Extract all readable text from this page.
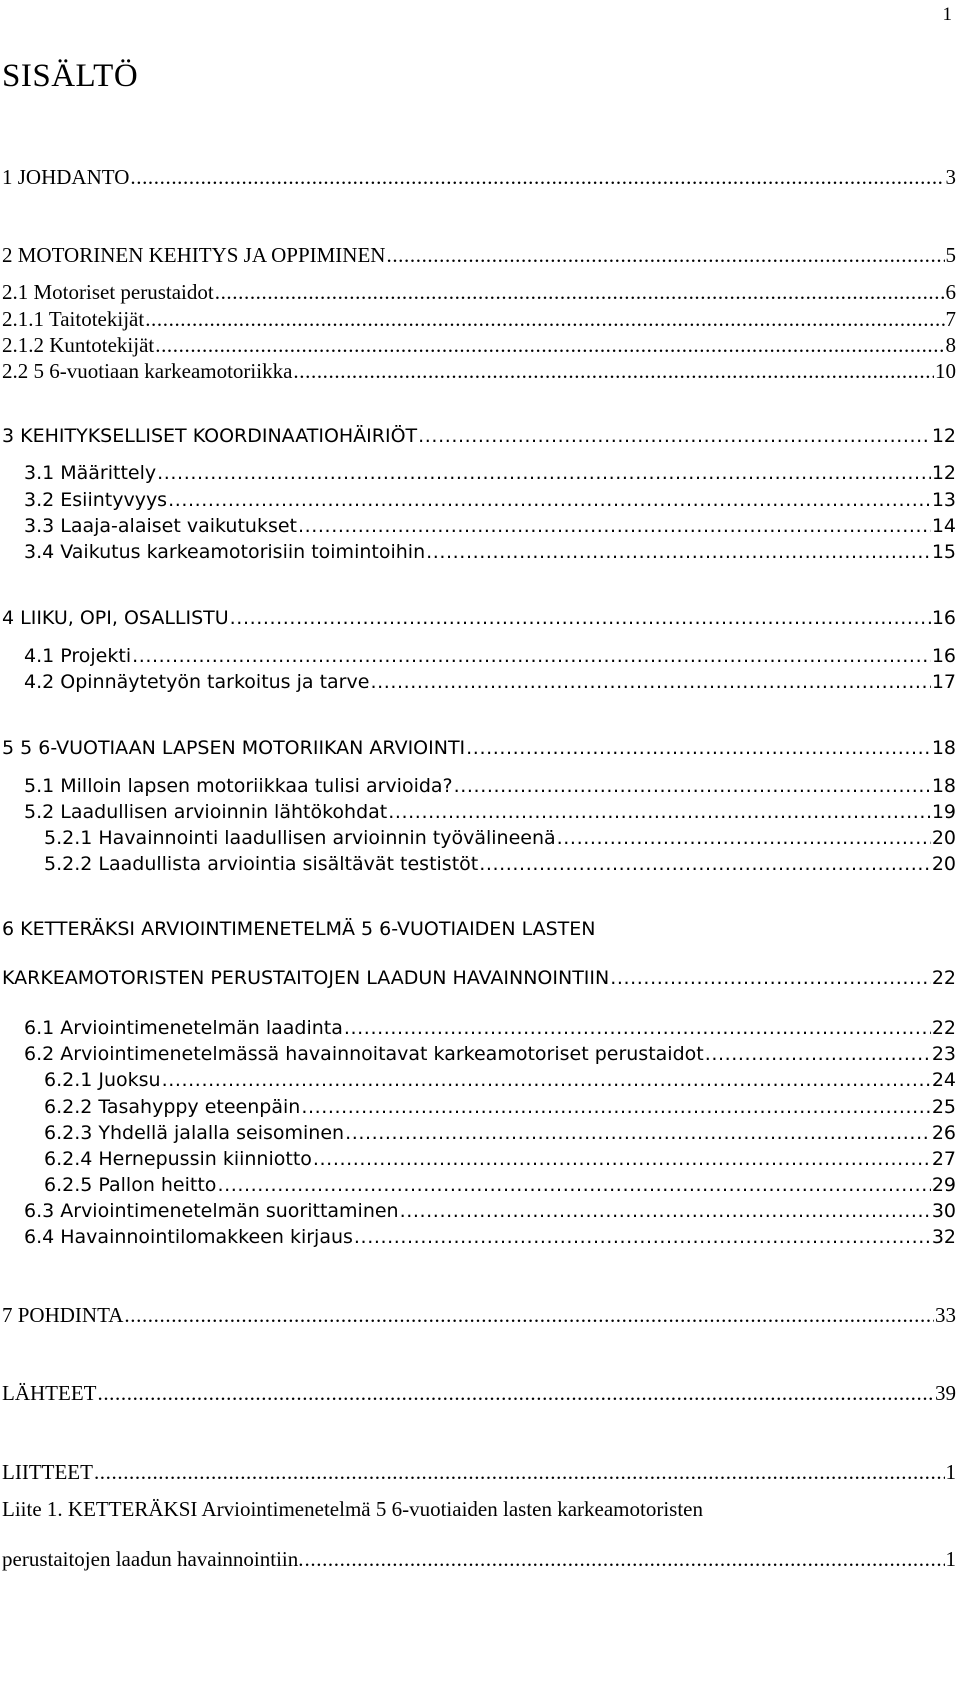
1
SISÄLTÖ
1 JOHDANTO .....	3
2 MOTORINEN KEHITYS JA OPPIMINEN .....	5
2.1 Motoriset perustaidot .....	6
2.1.1 Taitotekijät .....	7
2.1.2 Kuntotekijät .....	8
2.2 5 6-vuotiaan karkeamotoriikka .....	10
3 KEHITYKSELLISET KOORDINAATIOHÄIRIÖT .....	12
3.1 Määrittely .....	12
3.2 Esiintyvyys .....	13
3.3 Laaja-alaiset vaikutukset .....	14
3.4 Vaikutus karkeamotorisiin toimintoihin .....	15
4 LIIKU, OPI, OSALLISTU .....	16
4.1 Projekti .....	16
4.2 Opinnäytetyön tarkoitus ja tarve .....	17
5 5 6-VUOTIAAN LAPSEN MOTORIIKAN ARVIOINTI .....	18
5.1 Milloin lapsen motoriikkaa tulisi arvioida? .....	18
5.2 Laadullisen arvioinnin lähtökohdat .....	19
5.2.1 Havainnointi laadullisen arvioinnin työvälineenä .....	20
5.2.2 Laadullista arviointia sisältävät testistöt .....	20
6 KETTERÄKSI ARVIOINTIMENETELMÄ 5 6-VUOTIAIDEN LASTEN
KARKEAMOTORISTEN PERUSTAITOJEN LAADUN HAVAINNOINTIIN .....	22
6.1 Arviointimenetelmän laadinta .....	22
6.2 Arviointimenetelmässä havainnoitavat karkeamotoriset perustaidot .....	23
6.2.1 Juoksu .....	24
6.2.2 Tasahyppy eteenpäin .....	25
6.2.3 Yhdellä jalalla seisominen .....	26
6.2.4 Hernepussin kiinniotto .....	27
6.2.5 Pallon heitto .....	29
6.3 Arviointimenetelmän suorittaminen .....	30
6.4 Havainnointilomakkeen kirjaus .....	32
7 POHDINTA .....	33
LÄHTEET .....	39
LIITTEET .....	1
Liite 1. KETTERÄKSI Arviointimenetelmä 5 6-vuotiaiden lasten karkeamotoristen
perustaitojen laadun havainnointiin. .....	1
